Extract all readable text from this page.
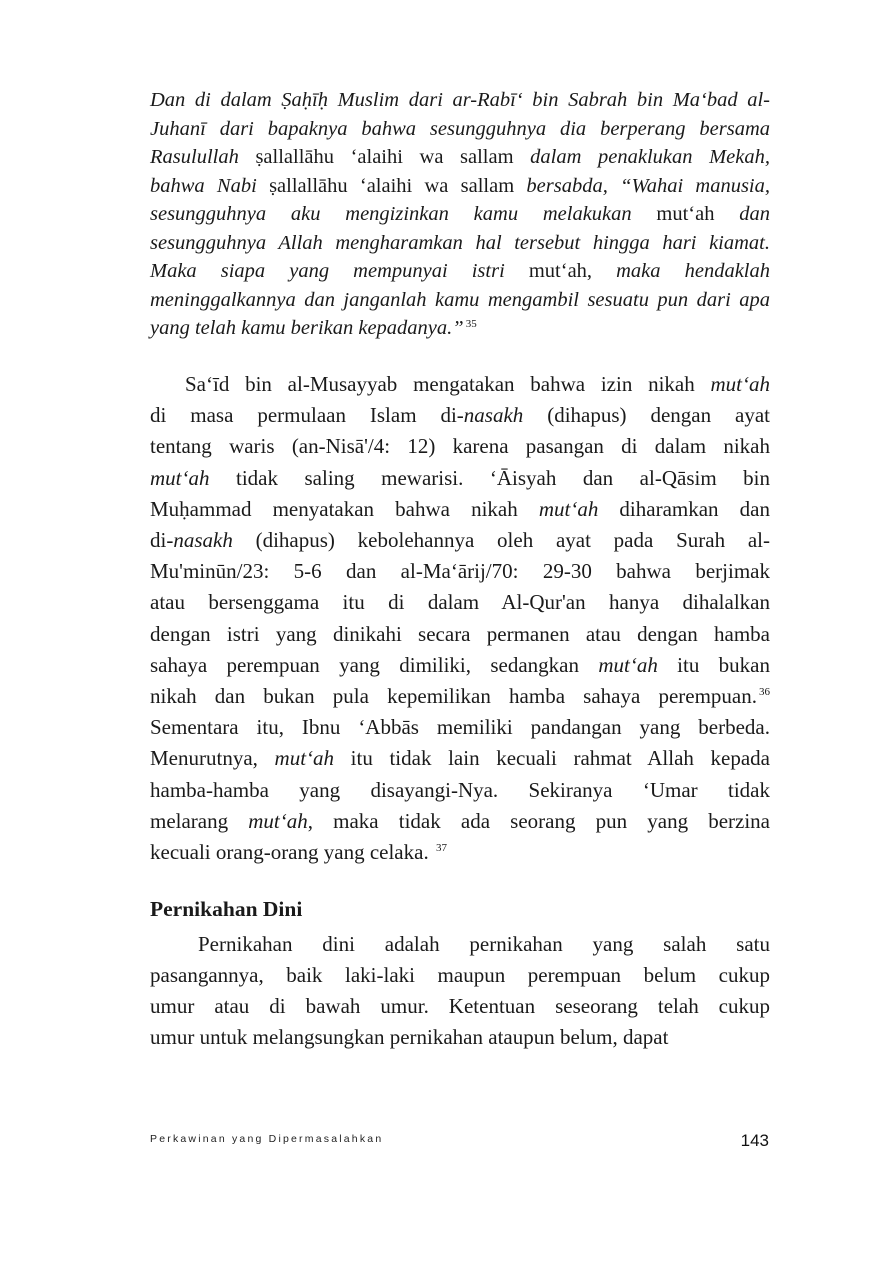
Dan di dalam Ṣaḥīḥ Muslim dari ar-Rabī‘ bin Sabrah bin Ma‘bad al-
Juhanī dari bapaknya bahwa sesungguhnya dia berperang bersama
Rasulullah ṣallallāhu ‘alaihi wa sallam dalam penaklukan Mekah,
bahwa Nabi ṣallallāhu ‘alaihi wa sallam bersabda, “Wahai manusia,
sesungguhnya aku mengizinkan kamu melakukan mut‘ah dan
sesungguhnya Allah mengharamkan hal tersebut hingga hari kiamat.
Maka siapa yang mempunyai istri mut‘ah, maka hendaklah
meninggalkannya dan janganlah kamu mengambil sesuatu pun dari apa
yang telah kamu berikan kepadanya.” $^{35}$
Sa‘īd bin al-Musayyab mengatakan bahwa izin nikah mut‘ah
di masa permulaan Islam di-nasakh (dihapus) dengan ayat
tentang waris (an-Nisā'/4: 12) karena pasangan di dalam nikah
mut‘ah tidak saling mewarisi. ‘Āisyah dan al-Qāsim bin
Muḥammad menyatakan bahwa nikah mut‘ah diharamkan dan
di-nasakh (dihapus) kebolehannya oleh ayat pada Surah al-
Mu'minūn/23: 5-6 dan al-Ma‘ārij/70: 29-30 bahwa berjimak
atau bersenggama itu di dalam Al-Qur'an hanya dihalalkan
dengan istri yang dinikahi secara permanen atau dengan hamba
sahaya perempuan yang dimiliki, sedangkan mut‘ah itu bukan
nikah dan bukan pula kepemilikan hamba sahaya perempuan. $^{36}$
Sementara itu, Ibnu ‘Abbās memiliki pandangan yang berbeda.
Menurutnya, mut‘ah itu tidak lain kecuali rahmat Allah kepada
hamba-hamba yang disayangi-Nya. Sekiranya ‘Umar tidak
melarang mut‘ah, maka tidak ada seorang pun yang berzina
kecuali orang-orang yang celaka. $^{37}$
Pernikahan Dini
Pernikahan dini adalah pernikahan yang salah satu
pasangannya, baik laki-laki maupun perempuan belum cukup
umur atau di bawah umur. Ketentuan seseorang telah cukup
umur untuk melangsungkan pernikahan ataupun belum, dapat
Perkawinan yang Dipermasalahkan	143
